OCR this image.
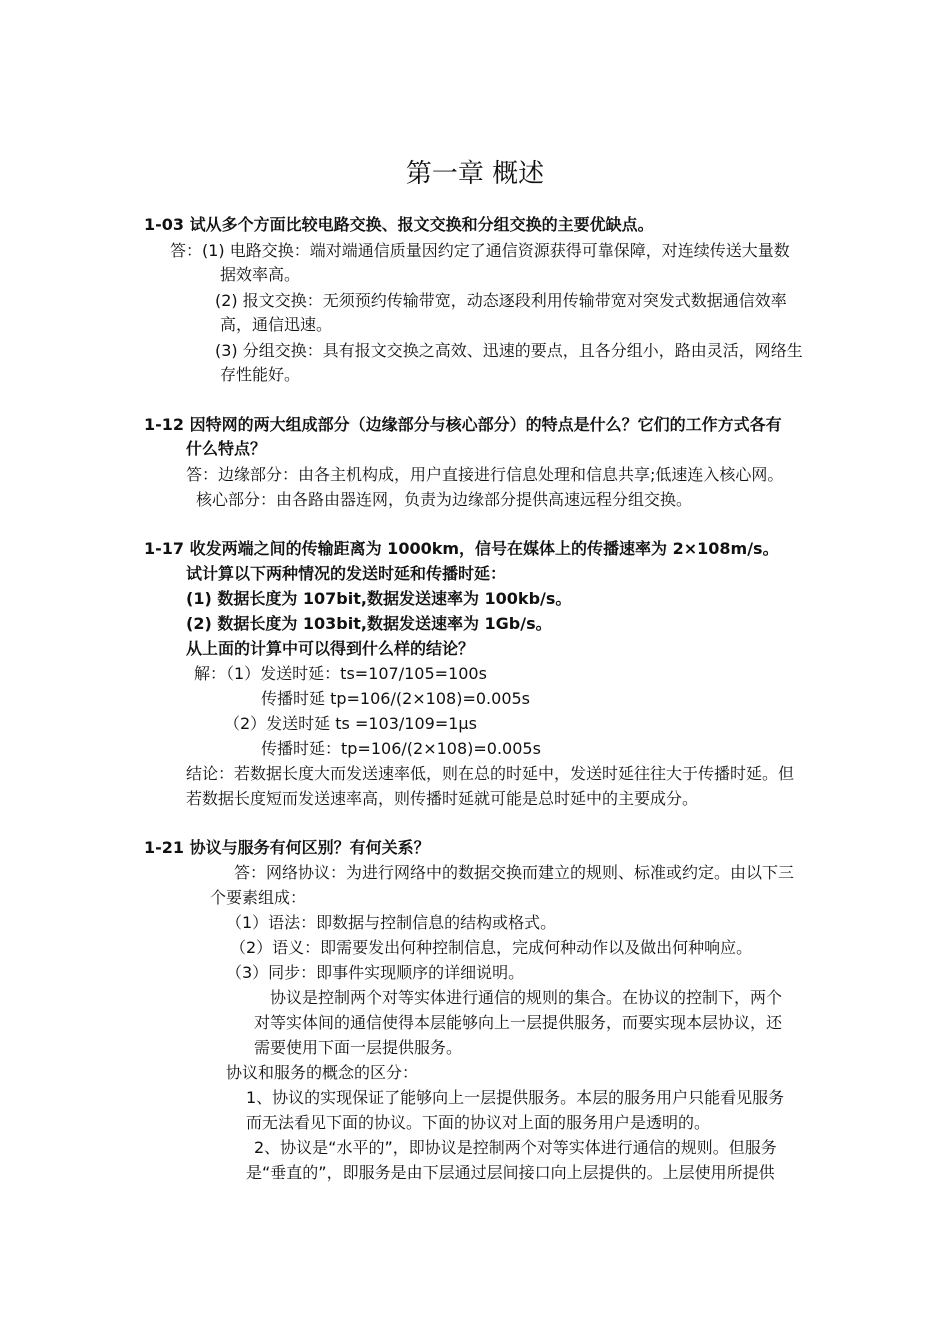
第一章 概述
1-03 试从多个方面比较电路交换、报文交换和分组交换的主要优缺点。
答：(1) 电路交换：端对端通信质量因约定了通信资源获得可靠保障，对连续传送大量数
据效率高。
(2) 报文交换：无须预约传输带宽，动态逐段利用传输带宽对突发式数据通信效率
高，通信迅速。
(3) 分组交换：具有报文交换之高效、迅速的要点，且各分组小，路由灵活，网络生
存性能好。
1-12 因特网的两大组成部分（边缘部分与核心部分）的特点是什么？它们的工作方式各有
什么特点？
答：边缘部分：由各主机构成，用户直接进行信息处理和信息共享;低速连入核心网。
核心部分：由各路由器连网，负责为边缘部分提供高速远程分组交换。
1-17 收发两端之间的传输距离为 1000km，信号在媒体上的传播速率为 2×108m/s。
试计算以下两种情况的发送时延和传播时延：
(1) 数据长度为 107bit,数据发送速率为 100kb/s。
(2) 数据长度为 103bit,数据发送速率为 1Gb/s。
从上面的计算中可以得到什么样的结论？
解：（1）发送时延：ts=107/105=100s
传播时延 tp=106/(2×108)=0.005s
（2）发送时延 ts =103/109=1µs
传播时延：tp=106/(2×108)=0.005s
结论：若数据长度大而发送速率低，则在总的时延中，发送时延往往大于传播时延。但
若数据长度短而发送速率高，则传播时延就可能是总时延中的主要成分。
1-21 协议与服务有何区别？有何关系？
答：网络协议：为进行网络中的数据交换而建立的规则、标准或约定。由以下三
个要素组成：
（1）语法：即数据与控制信息的结构或格式。
（2）语义：即需要发出何种控制信息，完成何种动作以及做出何种响应。
（3）同步：即事件实现顺序的详细说明。
协议是控制两个对等实体进行通信的规则的集合。在协议的控制下，两个
对等实体间的通信使得本层能够向上一层提供服务，而要实现本层协议，还
需要使用下面一层提供服务。
协议和服务的概念的区分：
1、协议的实现保证了能够向上一层提供服务。本层的服务用户只能看见服务
而无法看见下面的协议。下面的协议对上面的服务用户是透明的。
2、协议是“水平的”，即协议是控制两个对等实体进行通信的规则。但服务
是“垂直的”，即服务是由下层通过层间接口向上层提供的。上层使用所提供
